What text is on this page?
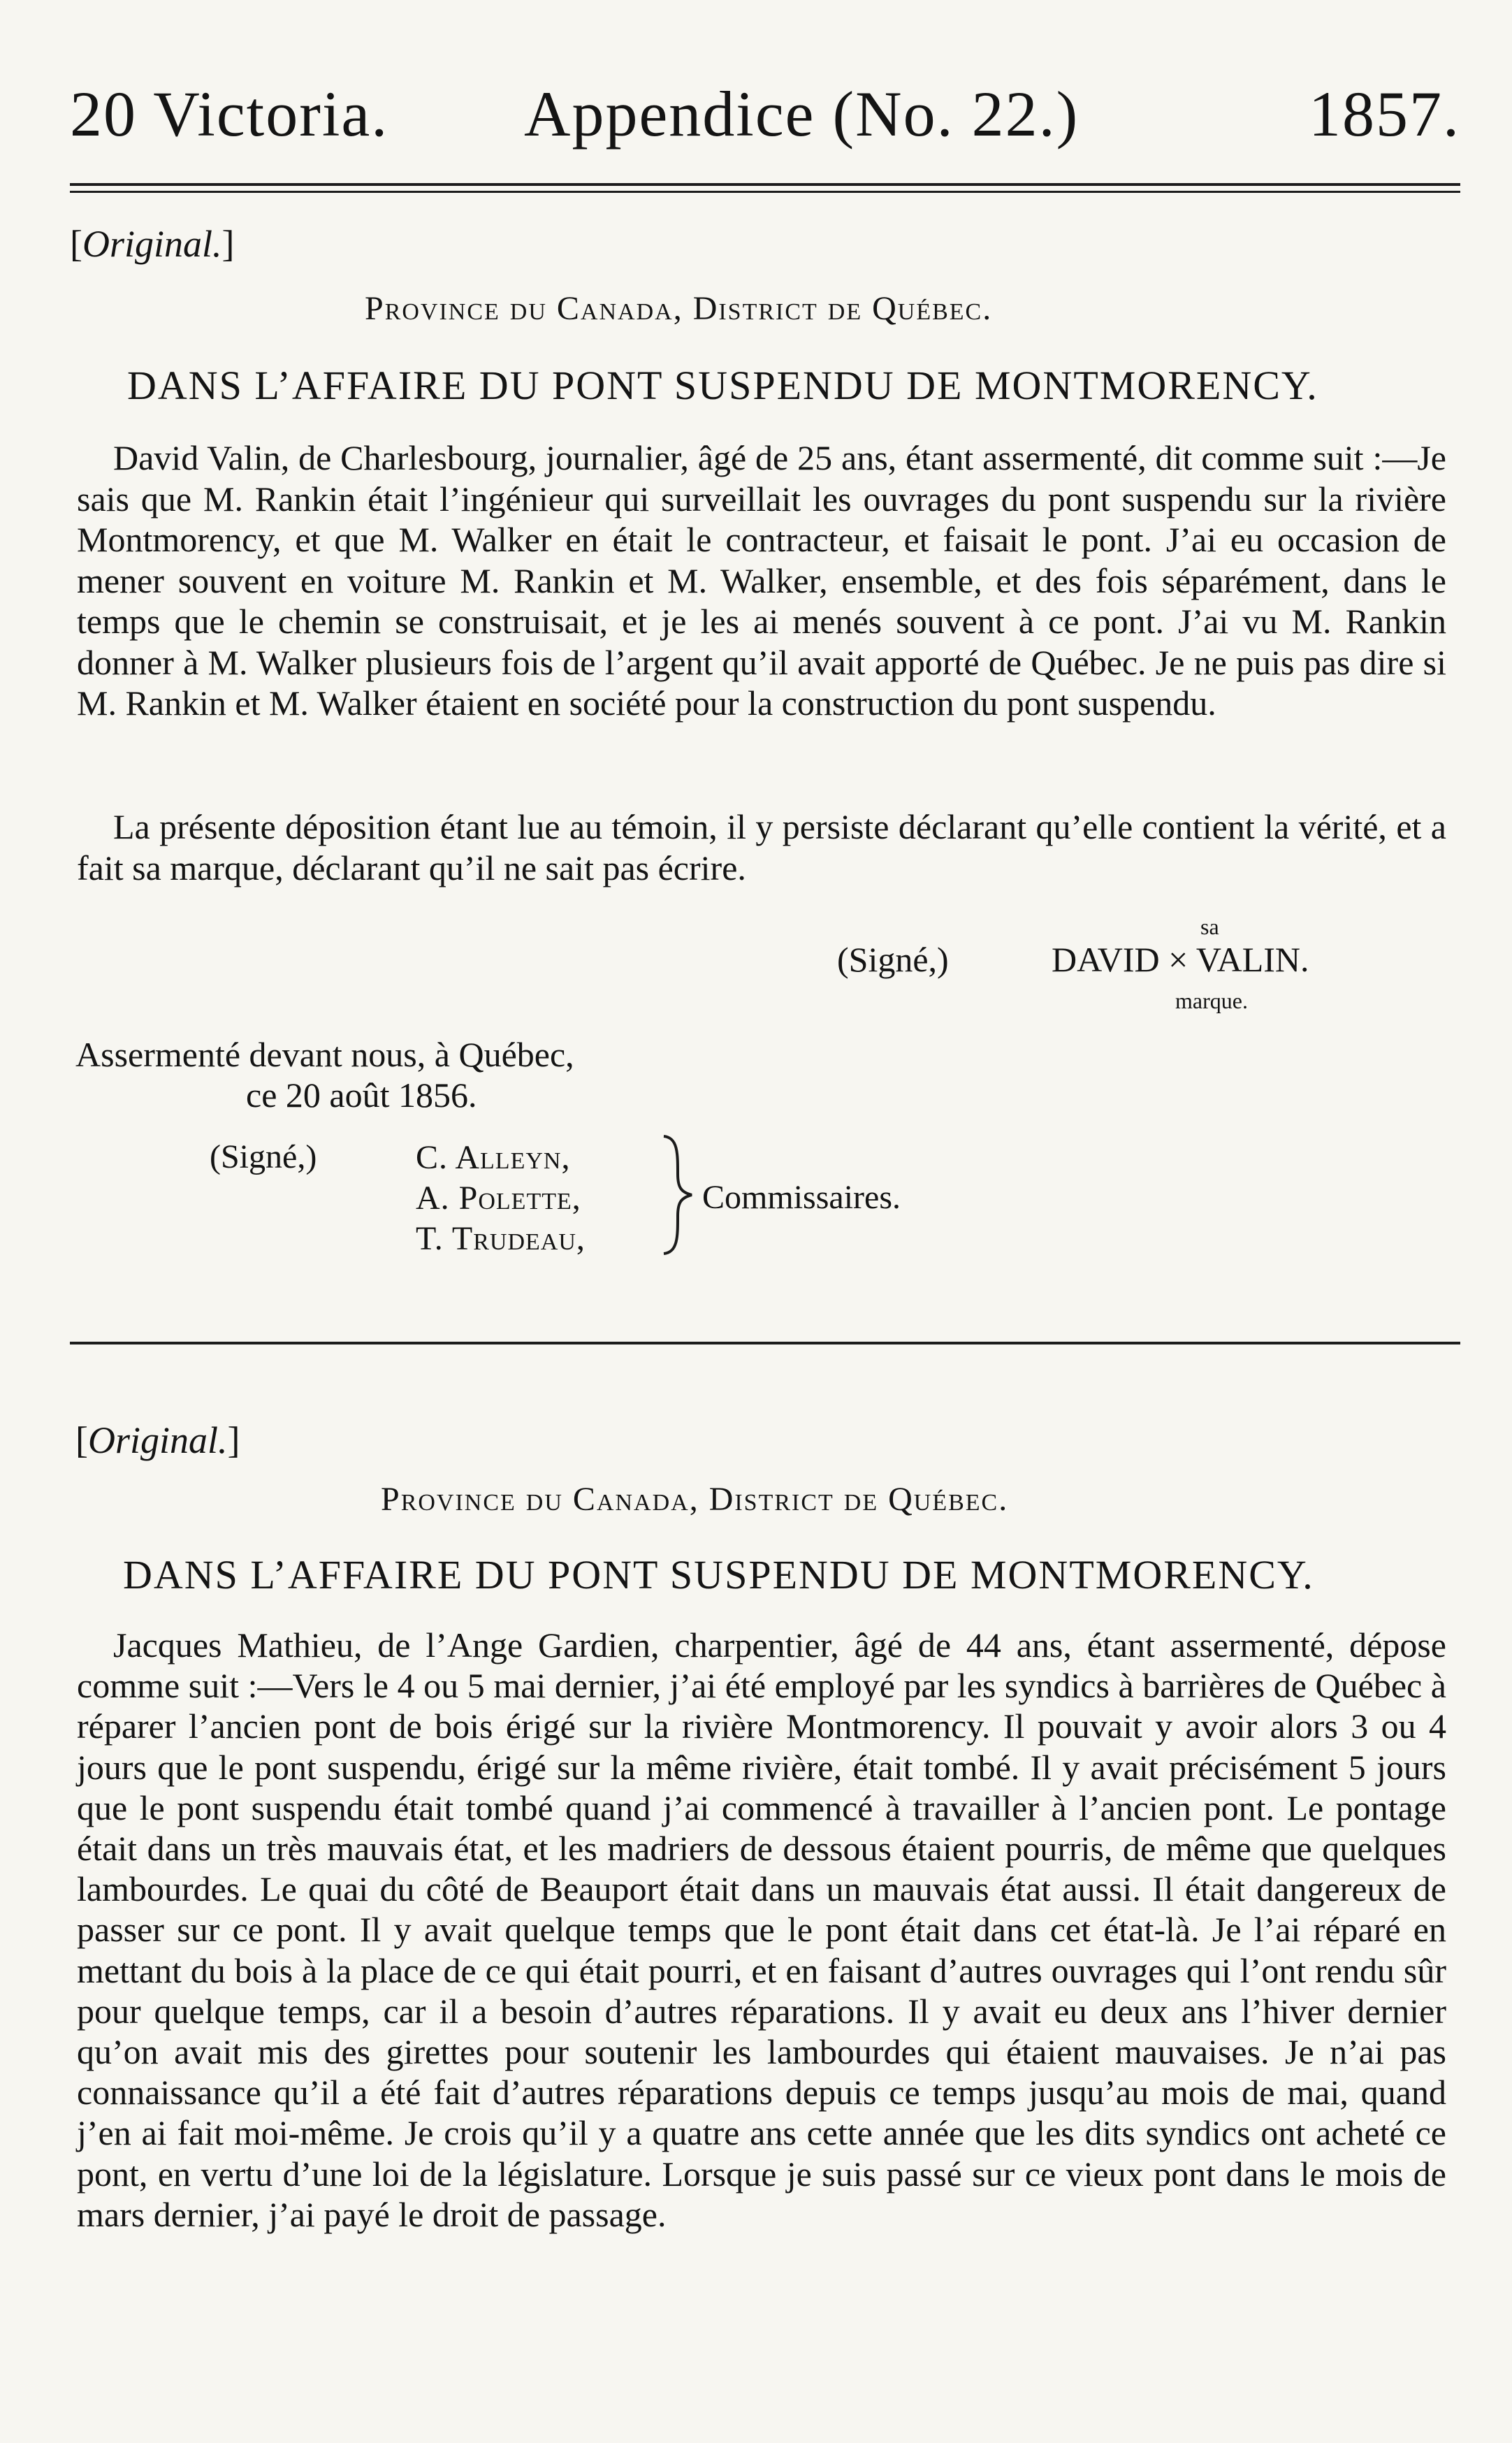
20 Victoria. Appendice (No. 22.)	1857.
[Original.]
Province du Canada, District de Québec.
DANS L’AFFAIRE DU PONT SUSPENDU DE MONTMORENCY.

David Valin, de Charlesbourg, journalier, âgé de 25 ans, étant assermenté, dit comme suit :—Je sais que M. Rankin était l’ingénieur qui surveillait les ouvrages du pont suspendu sur la rivière Montmorency, et que M. Walker en était le contracteur, et faisait le pont. J’ai eu occasion de mener souvent en voiture M. Rankin et M. Walker, ensemble, et des fois séparément, dans le temps que le chemin se construisait, et je les ai menés souvent à ce pont. J’ai vu M. Rankin donner à M. Walker plusieurs fois de l’argent qu’il avait apporté de Québec. Je ne puis pas dire si M. Rankin et M. Walker étaient en société pour la construction du pont suspendu.

La présente déposition étant lue au témoin, il y persiste déclarant qu’elle contient la vérité, et a fait sa marque, déclarant qu’il ne sait pas écrire.

sa
(Signé,)	DAVID × VALIN.
marque.
Assermenté devant nous, à Québec,
ce 20 août 1856.
(Signé,)	C. Alleyn,
A. Polette,
T. Trudeau,
Commissaires.
[Original.]
Province du Canada, District de Québec.
DANS L’AFFAIRE DU PONT SUSPENDU DE MONTMORENCY.

Jacques Mathieu, de l’Ange Gardien, charpentier, âgé de 44 ans, étant assermenté, dépose comme suit :—Vers le 4 ou 5 mai dernier, j’ai été employé par les syndics à barrières de Québec à réparer l’ancien pont de bois érigé sur la rivière Montmorency. Il pouvait y avoir alors 3 ou 4 jours que le pont suspendu, érigé sur la même rivière, était tombé. Il y avait précisément 5 jours que le pont suspendu était tombé quand j’ai commencé à travailler à l’ancien pont. Le pontage était dans un très mauvais état, et les madriers de dessous étaient pourris, de même que quelques lambourdes. Le quai du côté de Beauport était dans un mauvais état aussi. Il était dangereux de passer sur ce pont. Il y avait quelque temps que le pont était dans cet état-là. Je l’ai réparé en mettant du bois à la place de ce qui était pourri, et en faisant d’autres ouvrages qui l’ont rendu sûr pour quelque temps, car il a besoin d’autres réparations. Il y avait eu deux ans l’hiver dernier qu’on avait mis des girettes pour soutenir les lambourdes qui étaient mauvaises. Je n’ai pas connaissance qu’il a été fait d’autres réparations depuis ce temps jusqu’au mois de mai, quand j’en ai fait moi-même. Je crois qu’il y a quatre ans cette année que les dits syndics ont acheté ce pont, en vertu d’une loi de la législature. Lorsque je suis passé sur ce vieux pont dans le mois de mars dernier, j’ai payé le droit de passage.
